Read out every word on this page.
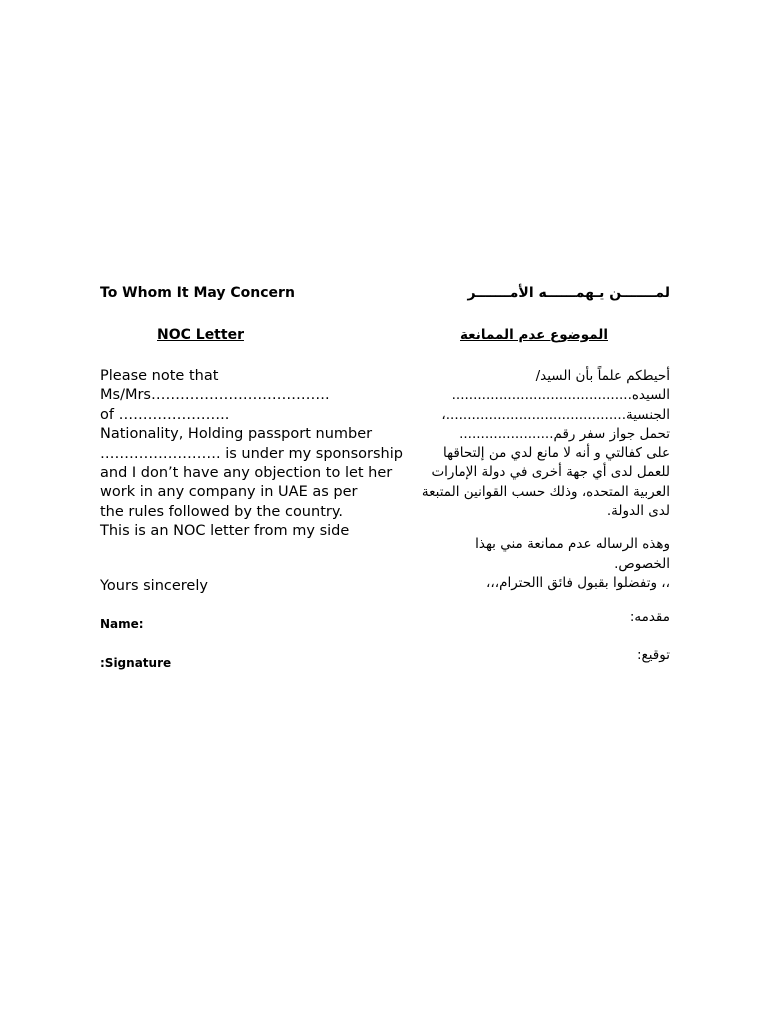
To Whom It May Concern
NOC Letter
Please note that
Ms/Mrs……………………………….
of …………………..
Nationality, Holding passport number
……………………. is under my sponsorship
and I don’t have any objection to let her
work in any company in UAE as per
the rules followed by the country.
This is an NOC letter from my side
Yours sincerely
Name:
:Signature
لمـــــــن يـهمــــــه الأمـــــــر
الموضوع عدم الممانعة
أحيطكم علماً بأن السيد/
السيده..........................................
الجنسية..........................................،
تحمل جواز سفر رقم......................
على كفالتي و أنه لا مانع لدي من إلتحاقها
للعمل لدى أي جهة أخرى في دولة الإمارات
العربية المتحده، وذلك حسب القوانين المتبعة
لدى الدولة.
وهذه الرساله عدم ممانعة مني بهذا
الخصوص.
،، وتفضلوا بقبول فائق االحترام،،،
مقدمه:
توقيع:
